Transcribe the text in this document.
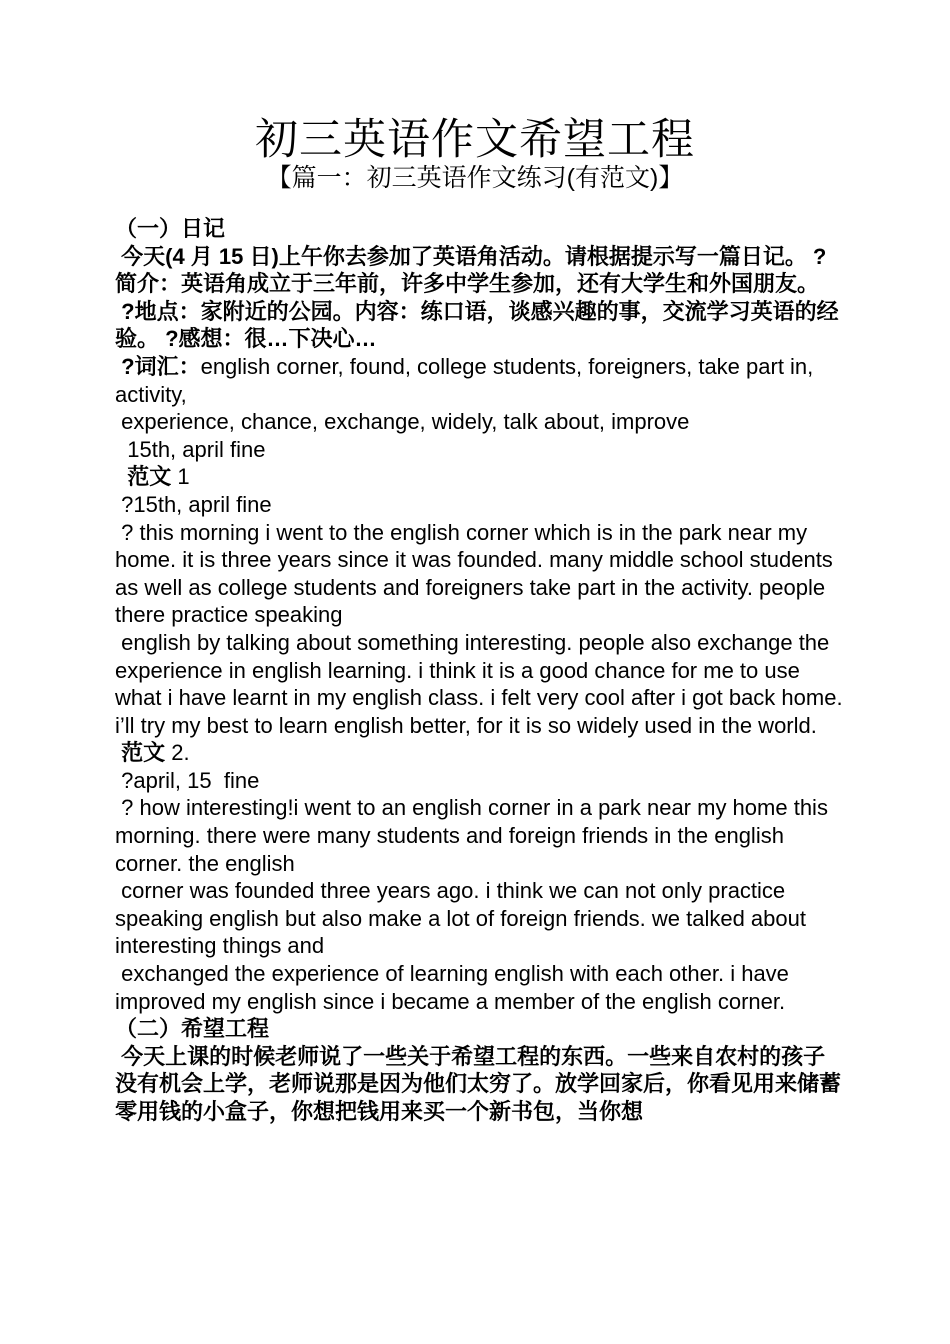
初三英语作文希望工程
【篇一：初三英语作文练习(有范文)】

（一）日记

今天(4 月 15 日)上午你去参加了英语角活动。请根据提示写一篇日记。 ?简介：英语角成立于三年前，许多中学生参加，还有大学生和外国朋友。

?地点：家附近的公园。内容：练口语，谈感兴趣的事，交流学习英语的经验。 ?感想：很…下决心…

?词汇：english corner, found, college students, foreigners, take part in, activity,

experience, chance, exchange, widely, talk about, improve

15th, april fine

范文 1

?15th, april fine

? this morning i went to the english corner which is in the park near my home. it is three years since it was founded. many middle school students as well as college students and foreigners take part in the activity. people there practice speaking

english by talking about something interesting. people also exchange the experience in english learning. i think it is a good chance for me to use what i have learnt in my english class. i felt very cool after i got back home. i’ll try my best to learn english better, for it is so widely used in the world.

范文 2.

?april, 15  fine

? how interesting!i went to an english corner in a park near my home this morning. there were many students and foreign friends in the english corner. the english

corner was founded three years ago. i think we can not only practice speaking english but also make a lot of foreign friends. we talked about interesting things and

exchanged the experience of learning english with each other. i have improved my english since i became a member of the english corner.

（二）希望工程

今天上课的时候老师说了一些关于希望工程的东西。一些来自农村的孩子没有机会上学，老师说那是因为他们太穷了。放学回家后，你看见用来储蓄零用钱的小盒子，你想把钱用来买一个新书包，当你想
